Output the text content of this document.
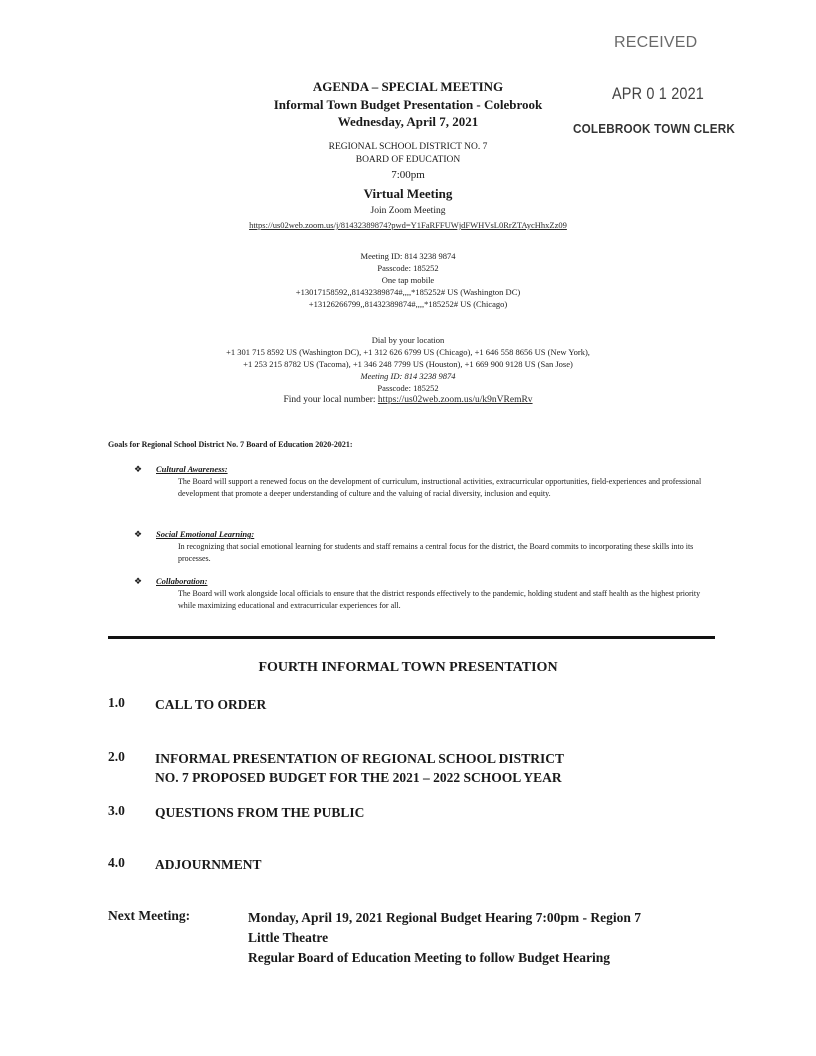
RECEIVED
APR 0 1 2021
COLEBROOK TOWN CLERK
AGENDA – SPECIAL MEETING
Informal Town Budget Presentation - Colebrook
Wednesday, April 7, 2021
REGIONAL SCHOOL DISTRICT NO. 7
BOARD OF EDUCATION
7:00pm
Virtual Meeting
Join Zoom Meeting
https://us02web.zoom.us/j/81432389874?pwd=Y1FaRFFUWjdFWHVsL0RrZTAycHhxZz09
Meeting ID: 814 3238 9874
Passcode: 185252
One tap mobile
+13017158592,,81432389874#,,,,*185252# US (Washington DC)
+13126266799,,81432389874#,,,,*185252# US (Chicago)
Dial by your location
+1 301 715 8592 US (Washington DC), +1 312 626 6799 US (Chicago), +1 646 558 8656 US (New York),
+1 253 215 8782 US (Tacoma), +1 346 248 7799 US (Houston), +1 669 900 9128 US (San Jose)
Meeting ID: 814 3238 9874
Passcode: 185252
Find your local number: https://us02web.zoom.us/u/k9nVRemRv
Goals for Regional School District No. 7 Board of Education 2020-2021:
❖ Cultural Awareness:
The Board will support a renewed focus on the development of curriculum, instructional activities, extracurricular opportunities, field-experiences and professional development that promote a deeper understanding of culture and the valuing of racial diversity, inclusion and equity.
❖ Social Emotional Learning:
In recognizing that social emotional learning for students and staff remains a central focus for the district, the Board commits to incorporating these skills into its processes.
❖ Collaboration:
The Board will work alongside local officials to ensure that the district responds effectively to the pandemic, holding student and staff health as the highest priority while maximizing educational and extracurricular experiences for all.
FOURTH INFORMAL TOWN PRESENTATION
1.0 CALL TO ORDER
2.0 INFORMAL PRESENTATION OF REGIONAL SCHOOL DISTRICT
NO. 7 PROPOSED BUDGET FOR THE 2021 – 2022 SCHOOL YEAR
3.0 QUESTIONS FROM THE PUBLIC
4.0 ADJOURNMENT
Next Meeting:	Monday, April 19, 2021 Regional Budget Hearing 7:00pm - Region 7
Little Theatre
Regular Board of Education Meeting to follow Budget Hearing
